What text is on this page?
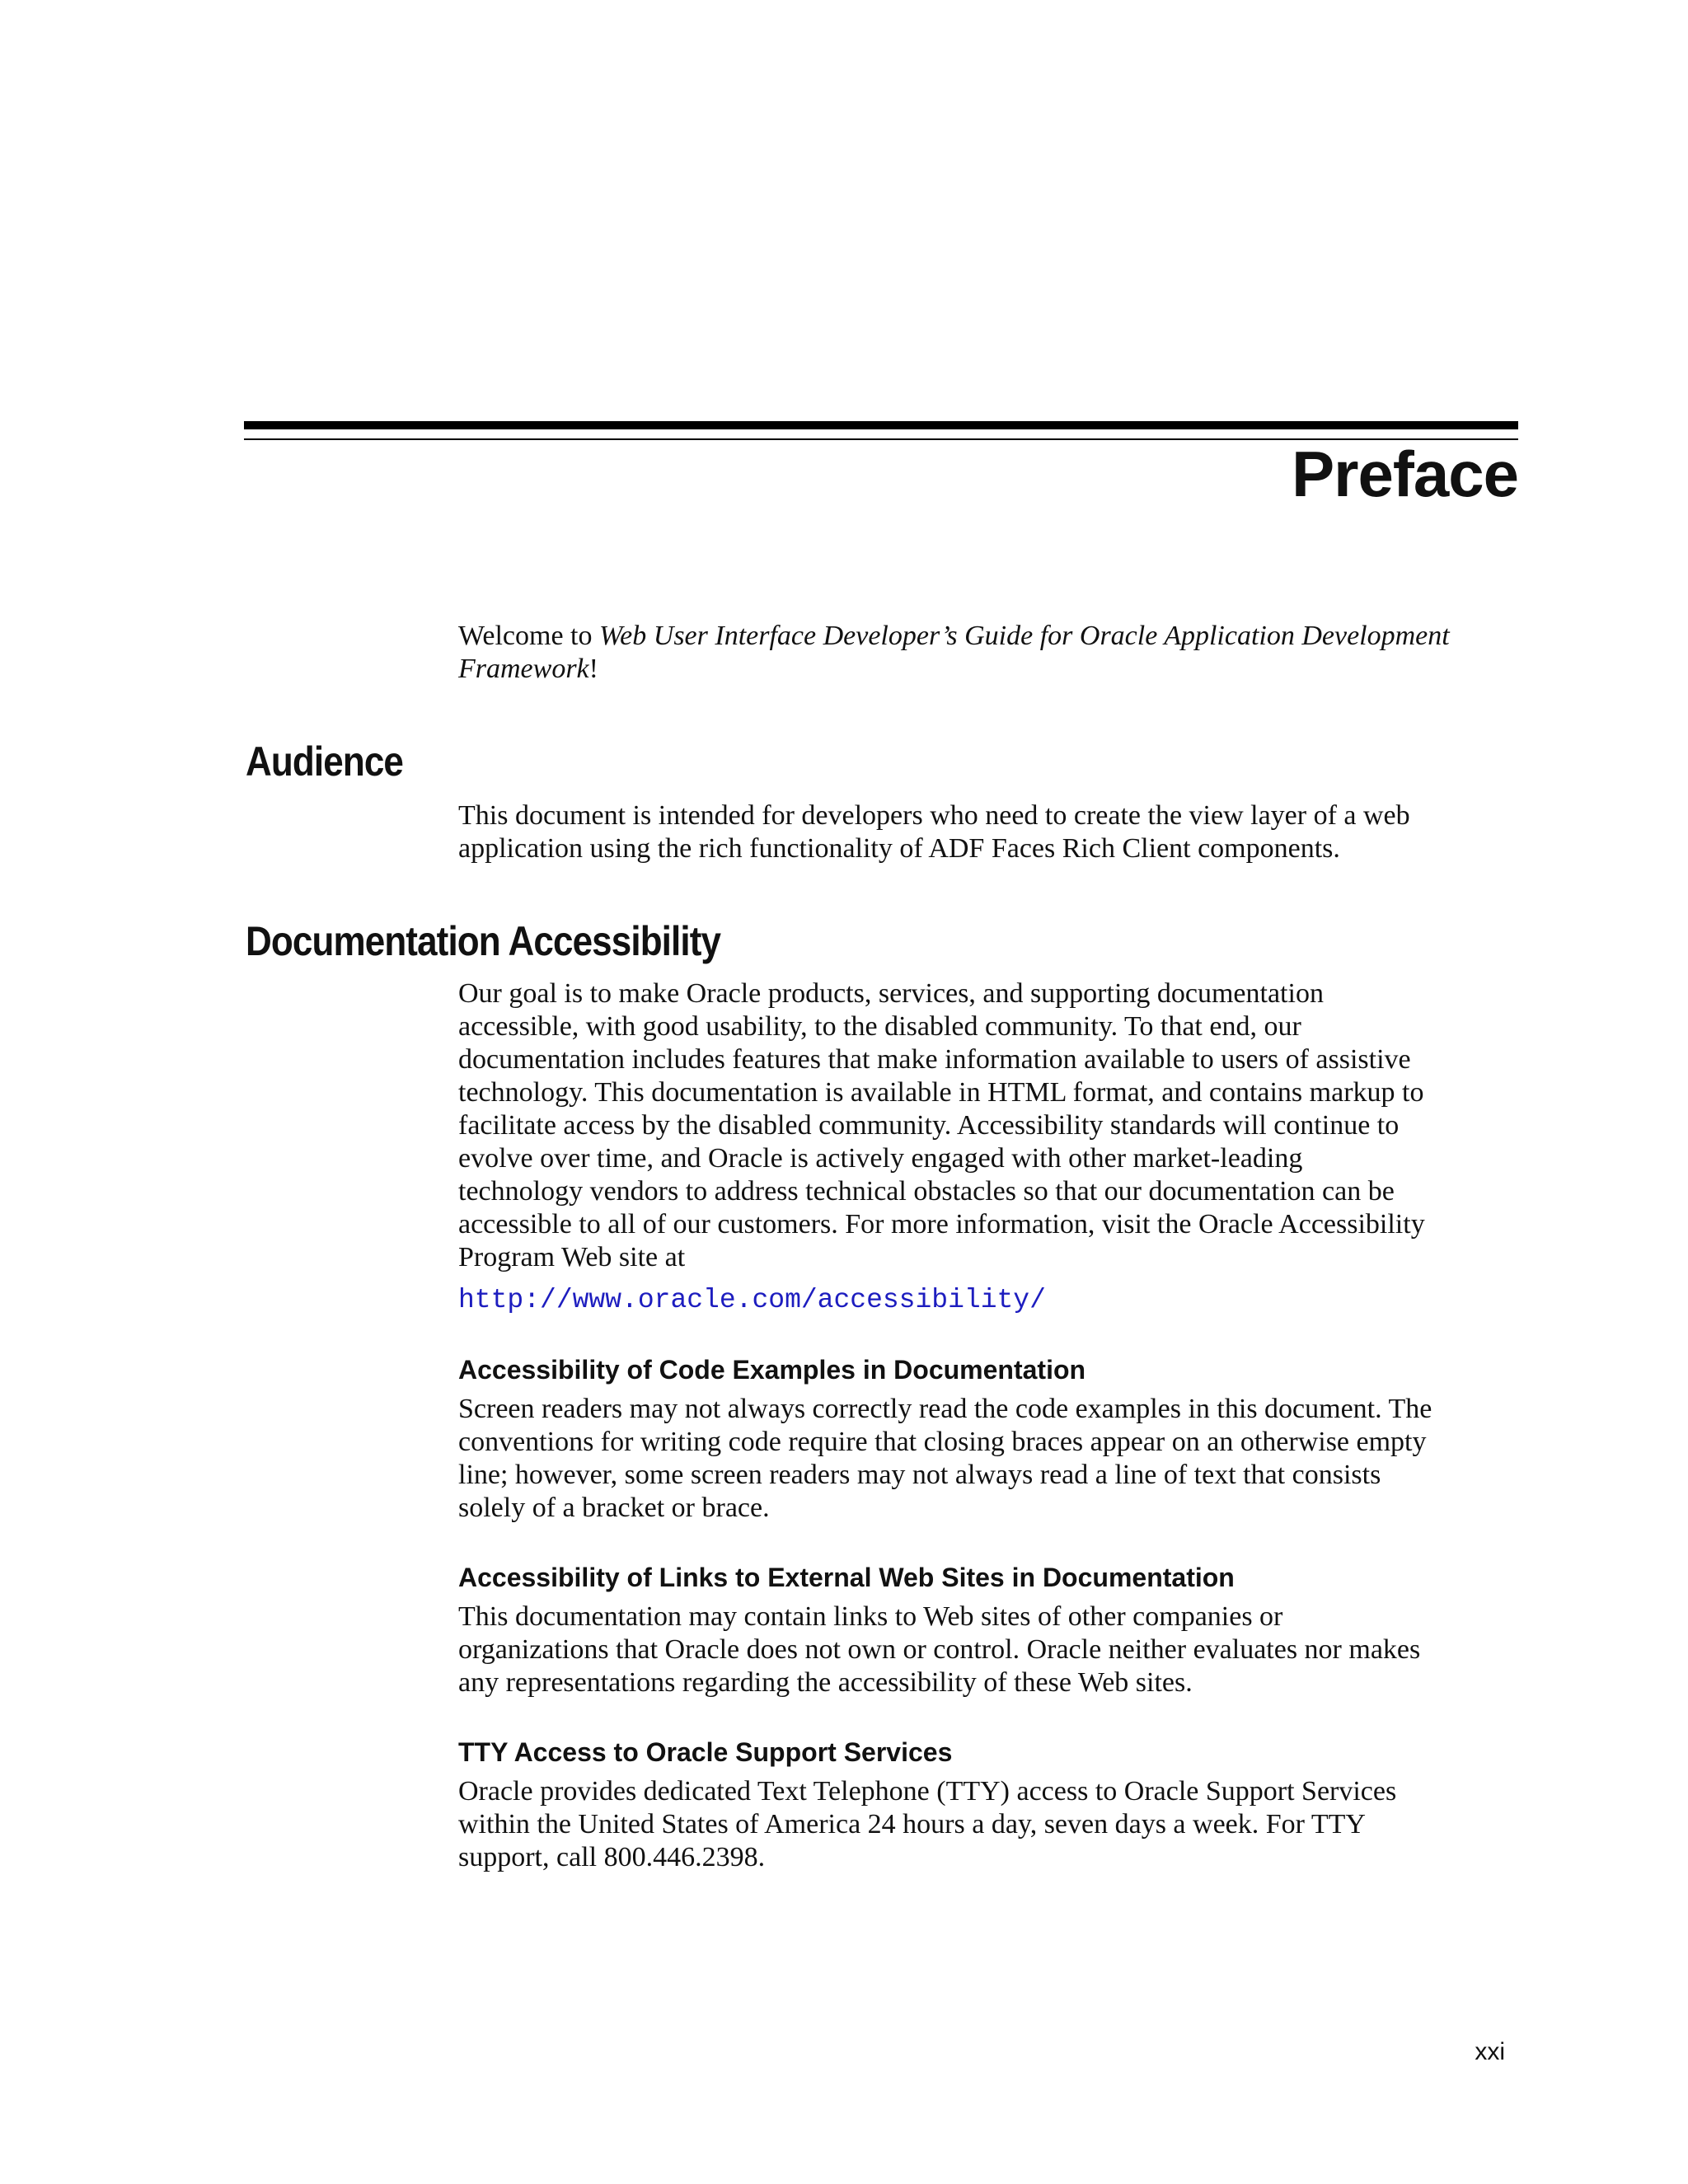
Preface

Welcome to Web User Interface Developer’s Guide for Oracle Application Development
Framework!

Audience

This document is intended for developers who need to create the view layer of a web
application using the rich functionality of ADF Faces Rich Client components.

Documentation Accessibility

Our goal is to make Oracle products, services, and supporting documentation
accessible, with good usability, to the disabled community. To that end, our
documentation includes features that make information available to users of assistive
technology. This documentation is available in HTML format, and contains markup to
facilitate access by the disabled community. Accessibility standards will continue to
evolve over time, and Oracle is actively engaged with other market-leading
technology vendors to address technical obstacles so that our documentation can be
accessible to all of our customers. For more information, visit the Oracle Accessibility
Program Web site at

http://www.oracle.com/accessibility/
Accessibility of Code Examples in Documentation

Screen readers may not always correctly read the code examples in this document. The
conventions for writing code require that closing braces appear on an otherwise empty
line; however, some screen readers may not always read a line of text that consists
solely of a bracket or brace.

Accessibility of Links to External Web Sites in Documentation

This documentation may contain links to Web sites of other companies or
organizations that Oracle does not own or control. Oracle neither evaluates nor makes
any representations regarding the accessibility of these Web sites.

TTY Access to Oracle Support Services

Oracle provides dedicated Text Telephone (TTY) access to Oracle Support Services
within the United States of America 24 hours a day, seven days a week. For TTY
support, call 800.446.2398.

xxi
